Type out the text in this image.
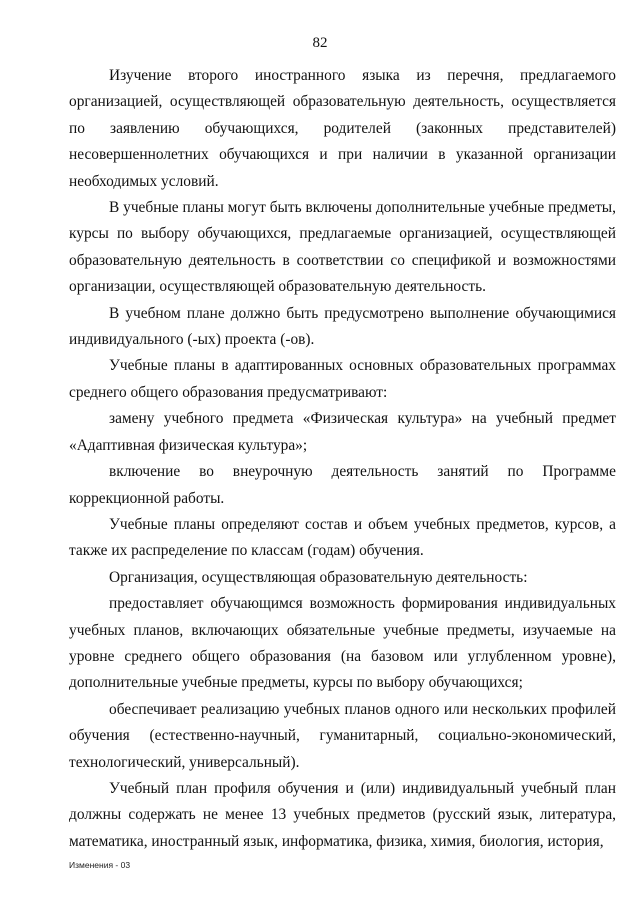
82

Изучение второго иностранного языка из перечня, предлагаемого организацией, осуществляющей образовательную деятельность, осуществляется по заявлению обучающихся, родителей (законных представителей) несовершеннолетних обучающихся и при наличии в указанной организации необходимых условий.

В учебные планы могут быть включены дополнительные учебные предметы, курсы по выбору обучающихся, предлагаемые организацией, осуществляющей образовательную деятельность в соответствии со спецификой и возможностями организации, осуществляющей образовательную деятельность.

В учебном плане должно быть предусмотрено выполнение обучающимися индивидуального (-ых) проекта (-ов).

Учебные планы в адаптированных основных образовательных программах среднего общего образования предусматривают:

замену учебного предмета «Физическая культура» на учебный предмет «Адаптивная физическая культура»;

включение во внеурочную деятельность занятий по Программе коррекционной работы.

Учебные планы определяют состав и объем учебных предметов, курсов, а также их распределение по классам (годам) обучения.

Организация, осуществляющая образовательную деятельность:

предоставляет обучающимся возможность формирования индивидуальных учебных планов, включающих обязательные учебные предметы, изучаемые на уровне среднего общего образования (на базовом или углубленном уровне), дополнительные учебные предметы, курсы по выбору обучающихся;

обеспечивает реализацию учебных планов одного или нескольких профилей обучения (естественно-научный, гуманитарный, социально-экономический, технологический, универсальный).

Учебный план профиля обучения и (или) индивидуальный учебный план должны содержать не менее 13 учебных предметов (русский язык, литература, математика, иностранный язык, информатика, физика, химия, биология, история,

Изменения - 03
